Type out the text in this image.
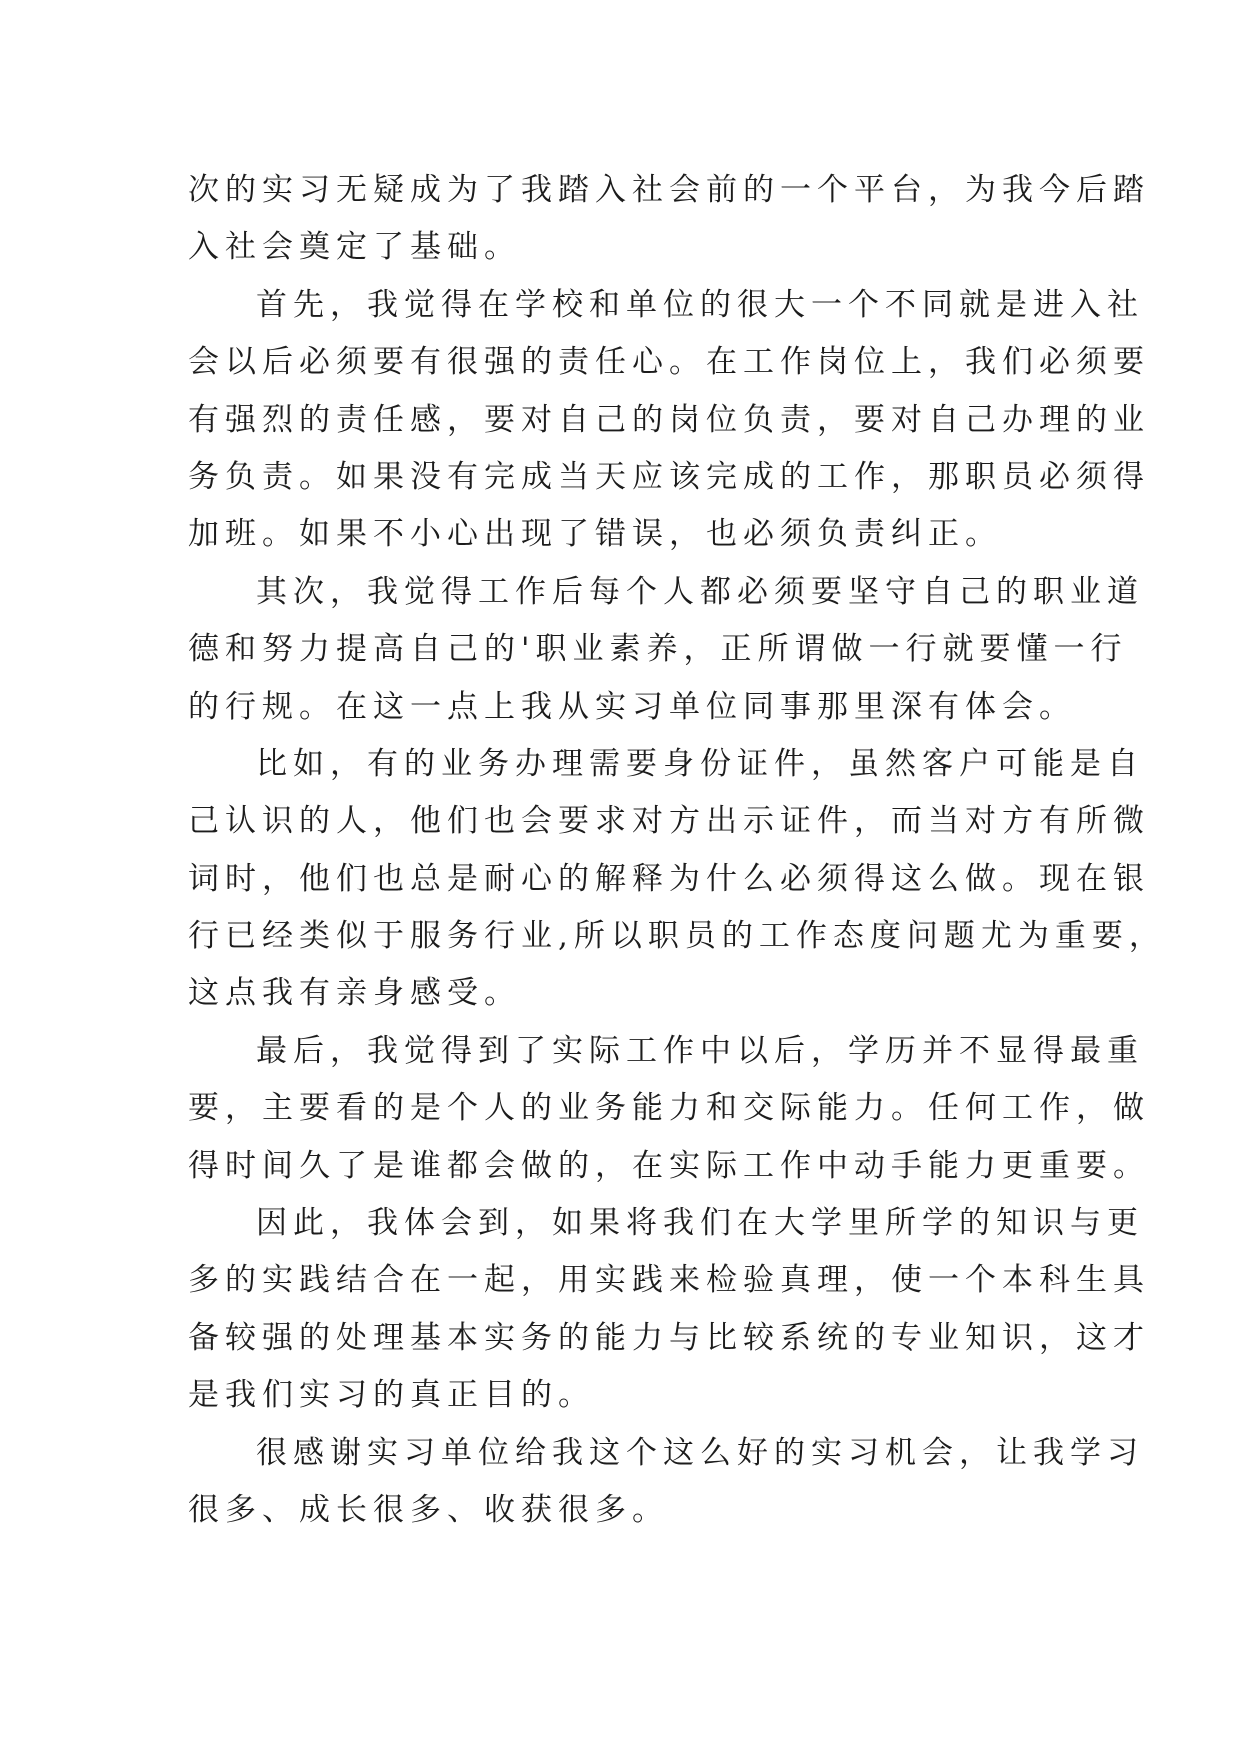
次的实习无疑成为了我踏入社会前的一个平台，为我今后踏
入社会奠定了基础。
首先，我觉得在学校和单位的很大一个不同就是进入社
会以后必须要有很强的责任心。在工作岗位上，我们必须要
有强烈的责任感，要对自己的岗位负责，要对自己办理的业
务负责。如果没有完成当天应该完成的工作，那职员必须得
加班。如果不小心出现了错误，也必须负责纠正。
其次，我觉得工作后每个人都必须要坚守自己的职业道
德和努力提高自己的'职业素养，正所谓做一行就要懂一行
的行规。在这一点上我从实习单位同事那里深有体会。
比如，有的业务办理需要身份证件，虽然客户可能是自
己认识的人，他们也会要求对方出示证件，而当对方有所微
词时，他们也总是耐心的解释为什么必须得这么做。现在银
行已经类似于服务行业,所以职员的工作态度问题尤为重要，
这点我有亲身感受。
最后，我觉得到了实际工作中以后，学历并不显得最重
要，主要看的是个人的业务能力和交际能力。任何工作，做
得时间久了是谁都会做的，在实际工作中动手能力更重要。
因此，我体会到，如果将我们在大学里所学的知识与更
多的实践结合在一起，用实践来检验真理，使一个本科生具
备较强的处理基本实务的能力与比较系统的专业知识，这才
是我们实习的真正目的。
很感谢实习单位给我这个这么好的实习机会，让我学习
很多、成长很多、收获很多。
